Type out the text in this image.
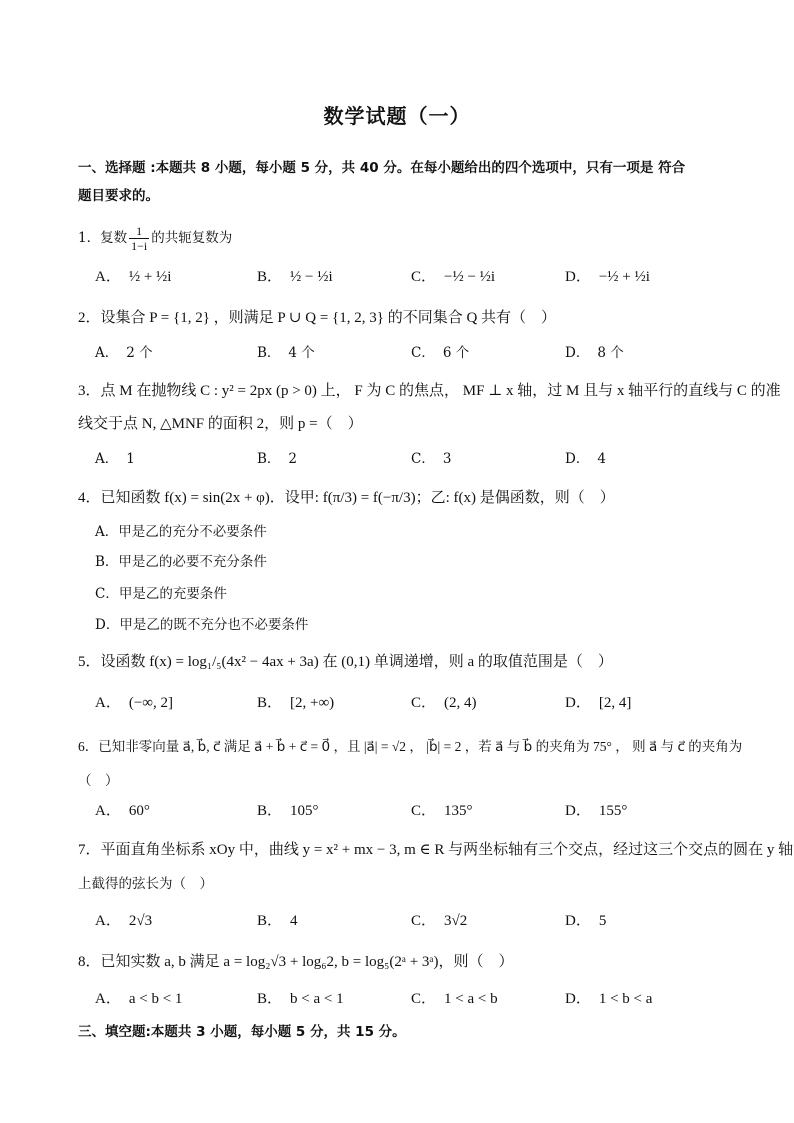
数学试题（一）
一、选择题 :本题共 8 小题，每小题 5 分，共 40 分。在每小题给出的四个选项中，只有一项是 符合
题目要求的。
1．复数 $\frac{1}{1-i}$ 的共轭复数为
A． ½ + ½i	B． ½ − ½i	C． −½ − ½i	D． −½ + ½i
2．设集合 P = {1, 2} ，则满足 P ∪ Q = {1, 2, 3} 的不同集合 Q 共有（　）
A． 2 个	B． 4 个	C． 6 个	D． 8 个
3．点 M 在抛物线 C : y² = 2px (p > 0) 上， F 为 C 的焦点， MF ⊥ x 轴，过 M 且与 x 轴平行的直线与 C 的准
线交于点 N, △MNF 的面积 2，则 p =（　）
A． 1	B． 2	C． 3	D． 4
4．已知函数 f(x) = sin(2x + φ)．设甲: f(π/3) = f(−π/3)；乙: f(x) 是偶函数，则（　）
A．甲是乙的充分不必要条件
B．甲是乙的必要不充分条件
C．甲是乙的充要条件
D．甲是乙的既不充分也不必要条件
5．设函数 f(x) = log₁/₅(4x² − 4ax + 3a) 在 (0,1) 单调递增，则 a 的取值范围是（　）
A． (−∞, 2]	B． [2, +∞)	C． (2, 4)	D． [2, 4]
6．已知非零向量 a⃗, b⃗, c⃗ 满足 a⃗ + b⃗ + c⃗ = 0⃗ ，且 |a⃗| = √2 ， |b⃗| = 2 ，若 a⃗ 与 b⃗ 的夹角为 75° ， 则 a⃗ 与 c⃗ 的夹角为
（　）
A． 60°	B． 105°	C． 135°	D． 155°
7．平面直角坐标系 xOy 中，曲线 y = x² + mx − 3, m ∈ R 与两坐标轴有三个交点，经过这三个交点的圆在 y 轴
上截得的弦长为（　）
A． 2√3	B． 4	C． 3√2	D． 5
8．已知实数 a, b 满足 a = log₂√3 + log₆2, b = log₅(2ᵃ + 3ᵃ)，则（　）
A． a < b < 1	B． b < a < 1	C． 1 < a < b	D． 1 < b < a
三、填空题:本题共 3 小题，每小题 5 分，共 15 分。
